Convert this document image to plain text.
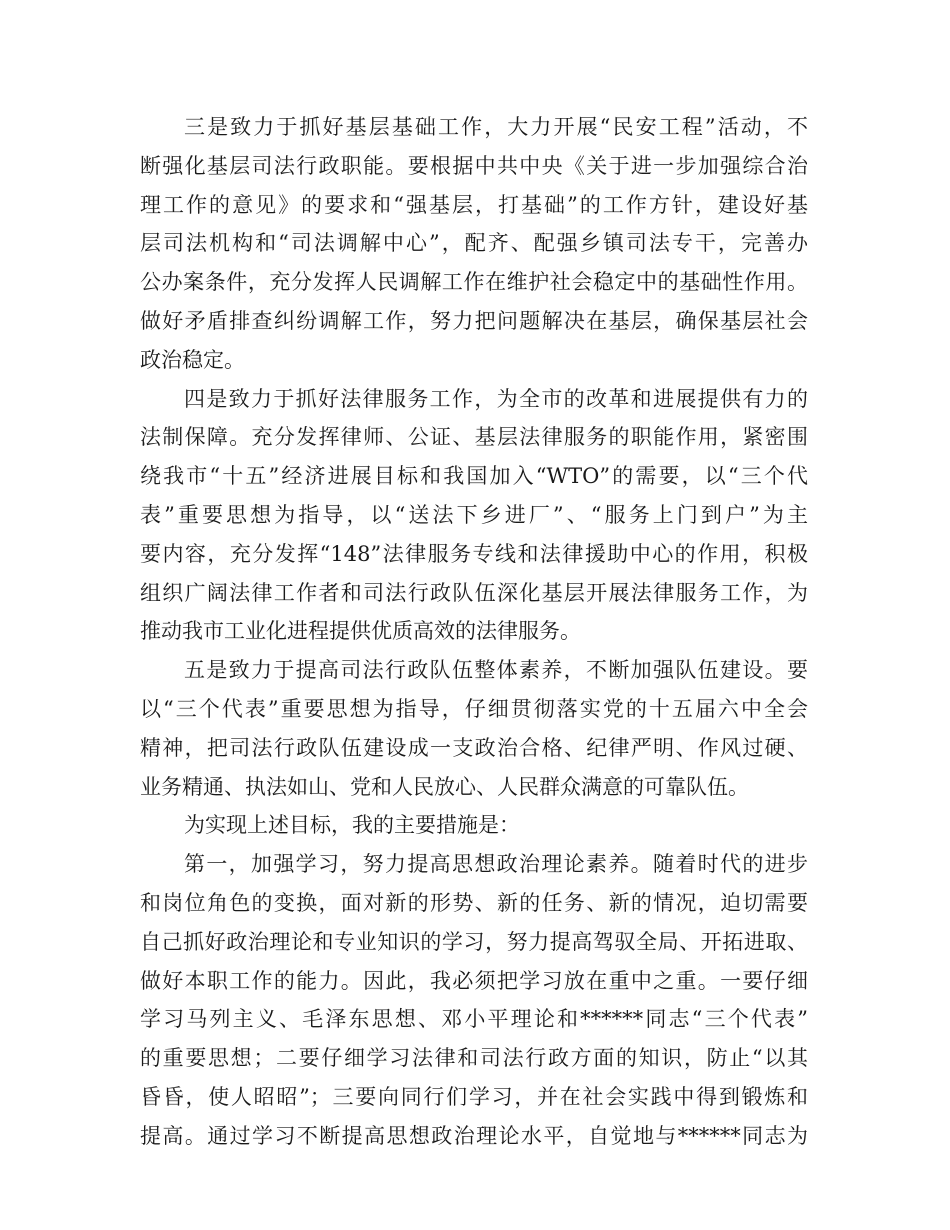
三是致力于抓好基层基础工作，大力开展“民安工程”活动，不
断强化基层司法行政职能。要根据中共中央《关于进一步加强综合治
理工作的意见》的要求和“强基层，打基础”的工作方针，建设好基
层司法机构和“司法调解中心”，配齐、配强乡镇司法专干，完善办
公办案条件，充分发挥人民调解工作在维护社会稳定中的基础性作用。
做好矛盾排查纠纷调解工作，努力把问题解决在基层，确保基层社会
政治稳定。
四是致力于抓好法律服务工作，为全市的改革和进展提供有力的
法制保障。充分发挥律师、公证、基层法律服务的职能作用，紧密围
绕我市“十五”经济进展目标和我国加入“WTO”的需要，以“三个代
表”重要思想为指导，以“送法下乡进厂”、“服务上门到户”为主
要内容，充分发挥“148”法律服务专线和法律援助中心的作用，积极
组织广阔法律工作者和司法行政队伍深化基层开展法律服务工作，为
推动我市工业化进程提供优质高效的法律服务。
五是致力于提高司法行政队伍整体素养，不断加强队伍建设。要
以“三个代表”重要思想为指导，仔细贯彻落实党的十五届六中全会
精神，把司法行政队伍建设成一支政治合格、纪律严明、作风过硬、
业务精通、执法如山、党和人民放心、人民群众满意的可靠队伍。
为实现上述目标，我的主要措施是：
第一，加强学习，努力提高思想政治理论素养。随着时代的进步
和岗位角色的变换，面对新的形势、新的任务、新的情况，迫切需要
自己抓好政治理论和专业知识的学习，努力提高驾驭全局、开拓进取、
做好本职工作的能力。因此，我必须把学习放在重中之重。一要仔细
学习马列主义、毛泽东思想、邓小平理论和******同志“三个代表”
的重要思想；二要仔细学习法律和司法行政方面的知识，防止“以其
昏昏，使人昭昭”；三要向同行们学习，并在社会实践中得到锻炼和
提高。通过学习不断提高思想政治理论水平，自觉地与******同志为
